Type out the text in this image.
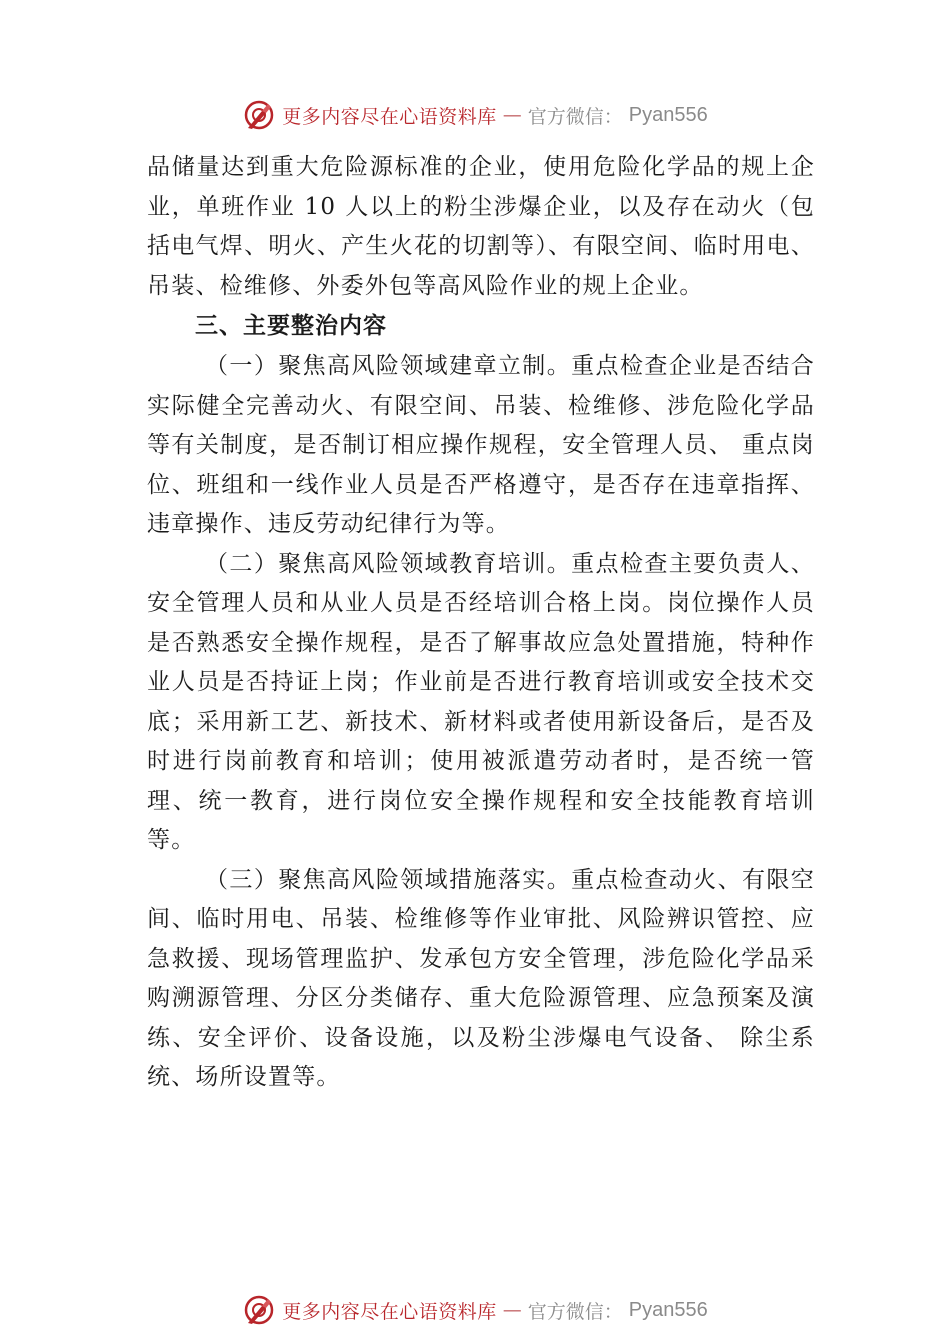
更多内容尽在心语资料库 — 官方微信： Pyan556

品储量达到重大危险源标准的企业，使用危险化学品的规上企业，单班作业 10 人以上的粉尘涉爆企业，以及存在动火（包括电气焊、明火、产生火花的切割等）、有限空间、临时用电、吊装、检维修、外委外包等高风险作业的规上企业。

三、主要整治内容

（一）聚焦高风险领域建章立制。重点检查企业是否结合实际健全完善动火、有限空间、吊装、检维修、涉危险化学品等有关制度，是否制订相应操作规程，安全管理人员、 重点岗位、班组和一线作业人员是否严格遵守，是否存在违章指挥、违章操作、违反劳动纪律行为等。

（二）聚焦高风险领域教育培训。重点检查主要负责人、安全管理人员和从业人员是否经培训合格上岗。岗位操作人员是否熟悉安全操作规程，是否了解事故应急处置措施，特种作业人员是否持证上岗；作业前是否进行教育培训或安全技术交底；采用新工艺、新技术、新材料或者使用新设备后，是否及时进行岗前教育和培训；使用被派遣劳动者时，是否统一管理、统一教育，进行岗位安全操作规程和安全技能教育培训等。

（三）聚焦高风险领域措施落实。重点检查动火、有限空间、临时用电、吊装、检维修等作业审批、风险辨识管控、应急救援、现场管理监护、发承包方安全管理，涉危险化学品采购溯源管理、分区分类储存、重大危险源管理、应急预案及演练、安全评价、设备设施，以及粉尘涉爆电气设备、 除尘系统、场所设置等。

更多内容尽在心语资料库 — 官方微信： Pyan556
